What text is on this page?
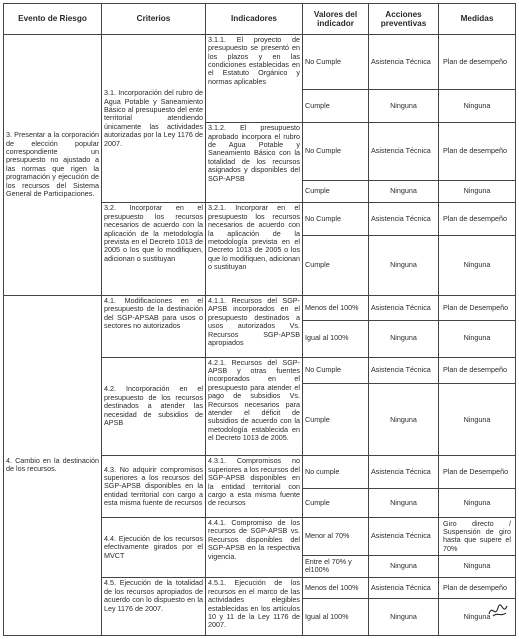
Evento de Riesgo	Criterios	Indicadores	Valores del indicador	Acciones preventivas	Medidas
3. Presentar a la corporación de elección popular correspondiente un presupuesto no ajustado a las normas que rigen la programación y ejecución de los recursos del Sistema General de Participaciones.	3.1. Incorporación del rubro de Agua Potable y Saneamiento Básico al presupuesto del ente territorial atendiendo únicamente las actividades autorizadas por la Ley 1176 de 2007.	3.1.1. El proyecto de presupuesto se presentó en los plazos y en las condiciones establecidas en el Estatuto Orgánico y normas aplicables	No Cumple	Asistencia Técnica	Plan de desempeño
			Cumple	Ninguna	Ninguna
		3.1.2. El presupuesto aprobado incorpora el rubro de Agua Potable y Saneamiento Básico con la totalidad de los recursos asignados y disponibles del SGP-APSB	No Cumple	Asistencia Técnica	Plan de desempeño
			Cumple	Ninguna	Ninguna
	3.2. Incorporar en el presupuesto los recursos necesarios de acuerdo con la aplicación de la metodología prevista en el Decreto 1013 de 2005 o los que lo modifiquen, adicionan o sustituyan	3.2.1. Incorporar en el presupuesto los recursos necesarios de acuerdo con la aplicación de la metodología prevista en el Decreto 1013 de 2005 o los que lo modifiquen, adicionan o sustituyan	No Cumple	Asistencia Técnica	Plan de desempeño
			Cumple	Ninguna	Ninguna
4. Cambio en la destinación de los recursos.	4.1. Modificaciones en el presupuesto de la destinación del SGP-APSAB para usos o sectores no autorizados	4.1.1. Recursos del SGP-APSB incorporados en el presupuesto destinados a usos autorizados Vs. Recursos SGP-APSB apropiados	Menos del 100%	Asistencia Técnica	Plan de Desempeño
			Igual al 100%	Ninguna	Ninguna
	4.2. Incorporación en el presupuesto de los recursos destinados a atender las necesidad de subsidios de APSB	4.2.1. Recursos del SGP-APSB y otras fuentes incorporados en el presupuesto para atender el pago de subsidios Vs. Recursos necesarios para atender el déficit de subsidios de acuerdo con la metodología establecida en el Decreto 1013 de 2005.	No Cumple	Asistencia Técnica	Plan de desempeño
			Cumple	Ninguna	Ninguna
	4.3. No adquirir compromisos superiores a los recursos del SGP-APSB disponibles en la entidad territorial con cargo a esta misma fuente de recursos	4.3.1. Compromisos no superiores a los recursos del SGP-APSB disponibles en la entidad territorial con cargo a esta misma fuente de recursos	No cumple	Asistencia Técnica	Plan de Desempeño
			Cumple	Ninguna	Ninguna
	4.4. Ejecución de los recursos efectivamente girados por el MVCT	4.4.1. Compromiso de los recursos de SGP-APSB vs. Recursos disponibles del SGP-APSB en la respectiva vigencia.	Menor al 70%	Asistencia Técnica	Giro directo / Suspensión de giro hasta que supere el 70%
			Entre el 70% y el100%	Ninguna	Ninguna
	4.5. Ejecución de la totalidad de los recursos apropiados de acuerdo con lo dispuesto en la Ley 1176 de 2007.	4.5.1. Ejecución de los recursos en el marco de las actividades elegibles establecidas en los artículos 10 y 11 de la Ley 1176 de 2007.	Menos del 100%	Asistencia Técnica	Plan de desempeño
			Igual al 100%	Ninguna	Ninguna
